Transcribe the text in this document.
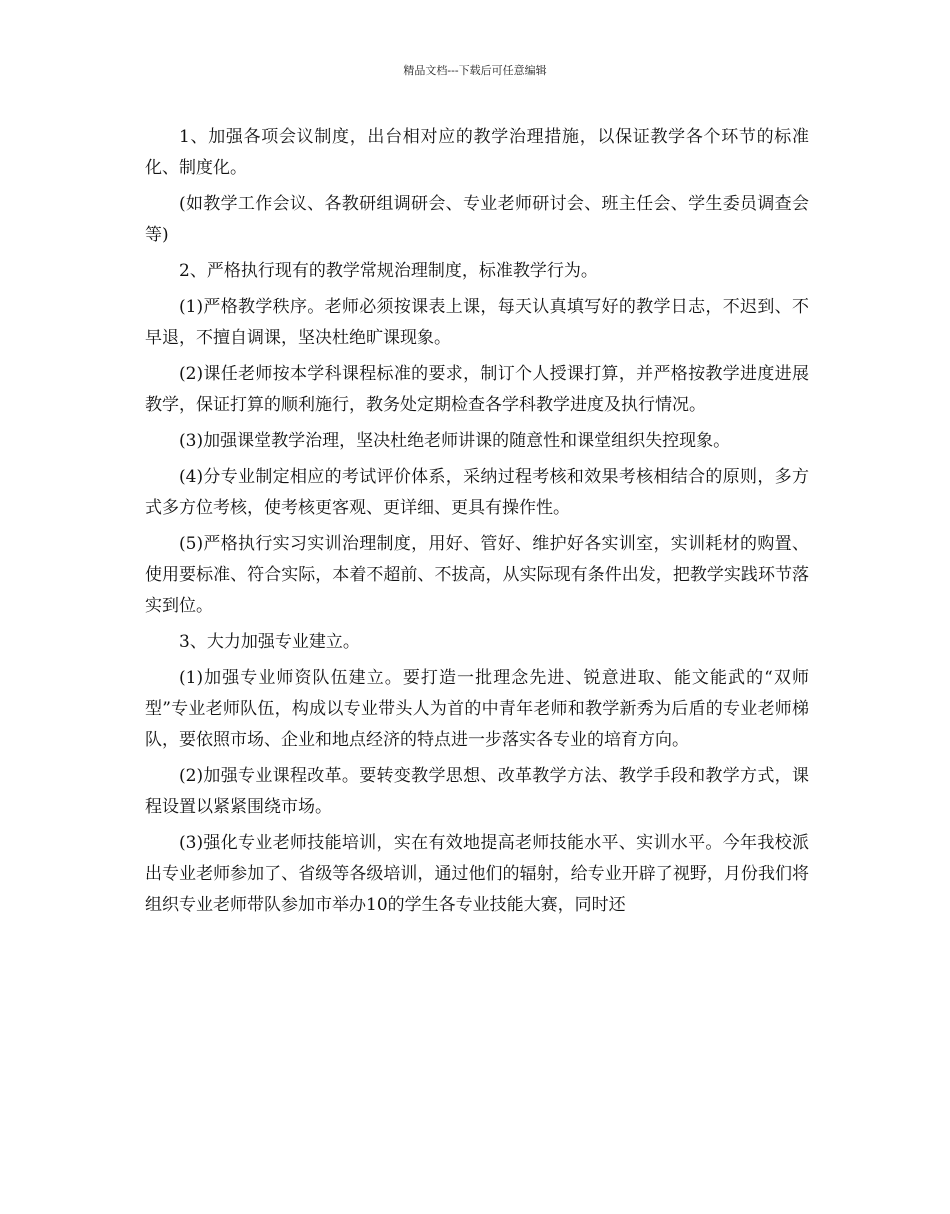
精品文档---下载后可任意编辑

1、加强各项会议制度，出台相对应的教学治理措施，以保证教学各个环节的标准化、制度化。

(如教学工作会议、各教研组调研会、专业老师研讨会、班主任会、学生委员调查会等)

2、严格执行现有的教学常规治理制度，标准教学行为。

(1)严格教学秩序。老师必须按课表上课，每天认真填写好的教学日志，不迟到、不早退，不擅自调课，坚决杜绝旷课现象。

(2)课任老师按本学科课程标准的要求，制订个人授课打算，并严格按教学进度进展教学，保证打算的顺利施行，教务处定期检查各学科教学进度及执行情况。

(3)加强课堂教学治理，坚决杜绝老师讲课的随意性和课堂组织失控现象。

(4)分专业制定相应的考试评价体系，采纳过程考核和效果考核相结合的原则，多方式多方位考核，使考核更客观、更详细、更具有操作性。

(5)严格执行实习实训治理制度，用好、管好、维护好各实训室，实训耗材的购置、使用要标准、符合实际，本着不超前、不拔高，从实际现有条件出发，把教学实践环节落实到位。

3、大力加强专业建立。

(1)加强专业师资队伍建立。要打造一批理念先进、锐意进取、能文能武的“双师型”专业老师队伍，构成以专业带头人为首的中青年老师和教学新秀为后盾的专业老师梯队，要依照市场、企业和地点经济的特点进一步落实各专业的培育方向。

(2)加强专业课程改革。要转变教学思想、改革教学方法、教学手段和教学方式，课程设置以紧紧围绕市场。

(3)强化专业老师技能培训，实在有效地提高老师技能水平、实训水平。今年我校派出专业老师参加了、省级等各级培训，通过他们的辐射，给专业开辟了视野，月份我们将组织专业老师带队参加市举办10的学生各专业技能大赛，同时还
